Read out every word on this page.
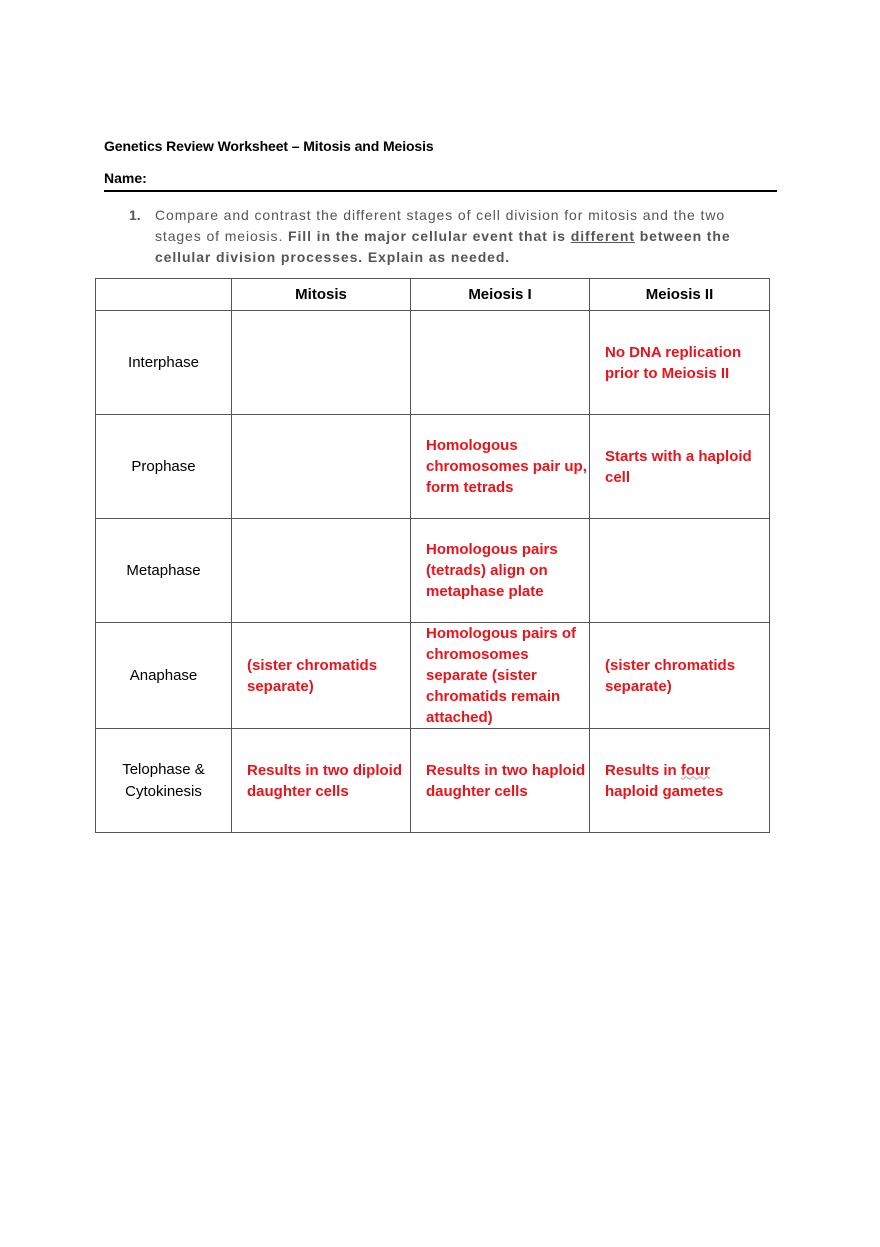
Genetics Review Worksheet – Mitosis and Meiosis
Name:
1. Compare and contrast the different stages of cell division for mitosis and the two stages of meiosis. Fill in the major cellular event that is different between the cellular division processes. Explain as needed.
	Mitosis	Meiosis I	Meiosis II
Interphase			No DNA replication prior to Meiosis II
Prophase		Homologous chromosomes pair up, form tetrads	Starts with a haploid cell
Metaphase		Homologous pairs (tetrads) align on metaphase plate	
Anaphase	(sister chromatids separate)	Homologous pairs of chromosomes separate (sister chromatids remain attached)	(sister chromatids separate)
Telophase &
Cytokinesis	Results in two diploid daughter cells	Results in two haploid daughter cells	Results in four haploid gametes
